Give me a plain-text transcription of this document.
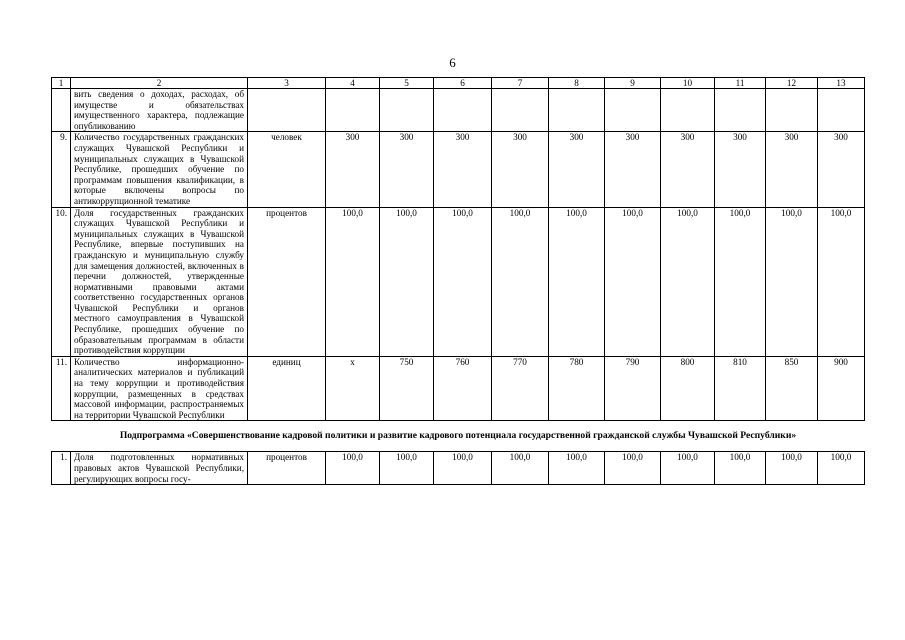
6
1	2	3	4	5	6	7	8	9	10	11	12	13
	вить сведения о доходах, расходах, об имуществе и обязательствах имущественного характера, подлежащие опубликованию											
9.	Количество государственных гражданских служащих Чувашской Республики и муниципальных служащих в Чувашской Республике, прошедших обучение по программам повышения квалификации, в которые включены вопросы по антикоррупционной тематике	человек	300	300	300	300	300	300	300	300	300	300
10.	Доля государственных гражданских служащих Чувашской Республики и муниципальных служащих в Чувашской Республике, впервые поступивших на гражданскую и муниципальную службу для замещения должностей, включенных в перечни должностей, утвержденные нормативными правовыми актами соответственно государственных органов Чувашской Республики и органов местного самоуправления в Чувашской Республике, прошедших обучение по образовательным программам в области противодействия коррупции	процентов	100,0	100,0	100,0	100,0	100,0	100,0	100,0	100,0	100,0	100,0
11.	Количество информационно-аналитических материалов и публикаций на тему коррупции и противодействия коррупции, размещенных в средствах массовой информации, распространяемых на территории Чувашской Республики	единиц	x	750	760	770	780	790	800	810	850	900
Подпрограмма «Совершенствование кадровой политики и развитие кадрового потенциала государственной гражданской службы Чувашской Республики»												
1.	Доля подготовленных нормативных правовых актов Чувашской Республики, регулирующих вопросы госу-	процентов	100,0	100,0	100,0	100,0	100,0	100,0	100,0	100,0	100,0	100,0
